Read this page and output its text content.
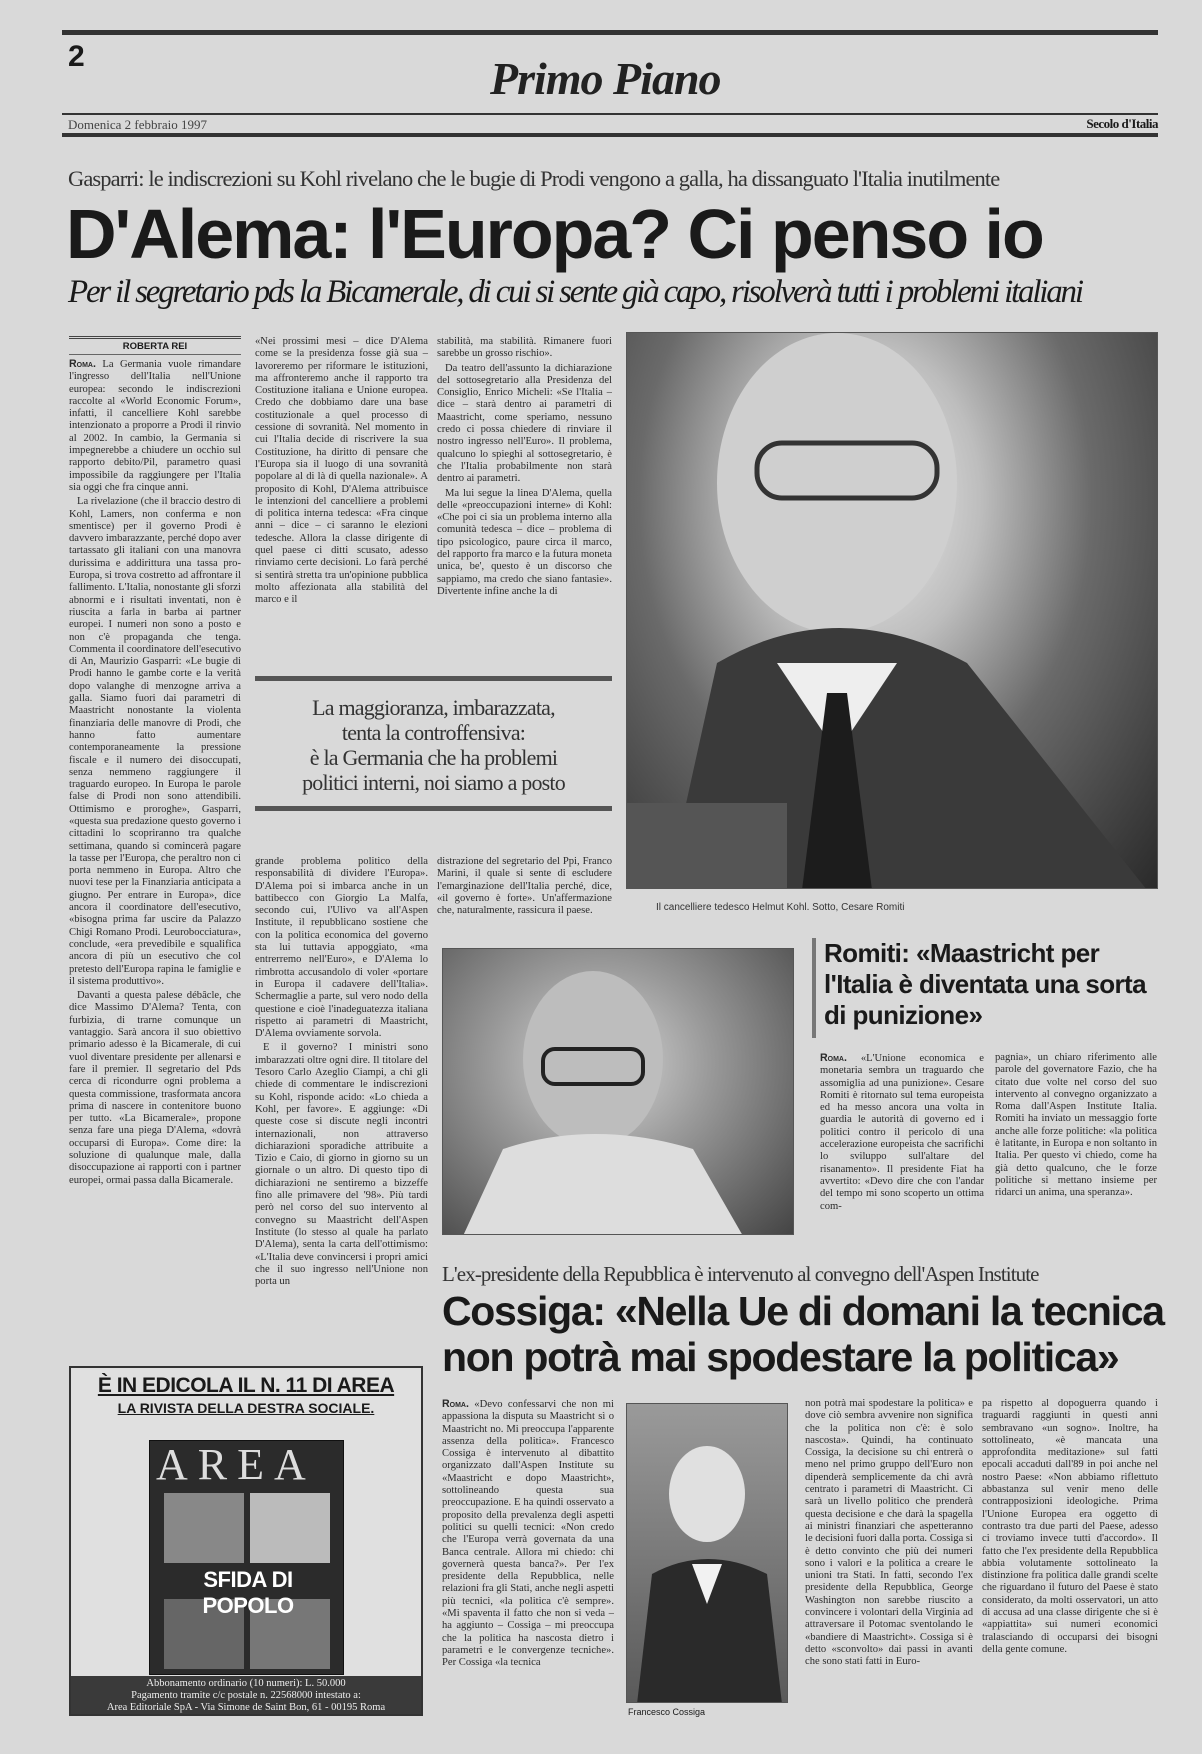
2	Primo Piano
Domenica 2 febbraio 1997	Secolo d'Italia
Gasparri: le indiscrezioni su Kohl rivelano che le bugie di Prodi vengono a galla, ha dissanguato l'Italia inutilmente
D'Alema: l'Europa? Ci penso io
Per il segretario pds la Bicamerale, di cui si sente già capo, risolverà tutti i problemi italiani
ROBERTA REI

Roma. La Germania vuole rimandare l'ingresso dell'Italia nell'Unione europea: secondo le indiscrezioni raccolte al «World Economic Forum», infatti, il cancelliere Kohl sarebbe intenzionato a proporre a Prodi il rinvio al 2002. In cambio, la Germania si impegnerebbe a chiudere un occhio sul rapporto debito/Pil, parametro quasi impossibile da raggiungere per l'Italia sia oggi che fra cinque anni.

La rivelazione (che il braccio destro di Kohl, Lamers, non conferma e non smentisce) per il governo Prodi è davvero imbarazzante, perché dopo aver tartassato gli italiani con una manovra durissima e addirittura una tassa pro-Europa, si trova costretto ad affrontare il fallimento. L'Italia, nonostante gli sforzi abnormi e i risultati inventati, non è riuscita a farla in barba ai partner europei. I numeri non sono a posto e non c'è propaganda che tenga. Commenta il coordinatore dell'esecutivo di An, Maurizio Gasparri: «Le bugie di Prodi hanno le gambe corte e la verità dopo valanghe di menzogne arriva a galla. Siamo fuori dai parametri di Maastricht nonostante la violenta finanziaria delle manovre di Prodi, che hanno fatto aumentare contemporaneamente la pressione fiscale e il numero dei disoccupati, senza nemmeno raggiungere il traguardo europeo. In Europa le parole false di Prodi non sono attendibili. Ottimismo e proroghe», Gasparri, «questa sua predazione questo governo i cittadini lo scopriranno tra qualche settimana, quando si comincerà pagare la tasse per l'Europa, che peraltro non ci porta nemmeno in Europa. Altro che nuovi tese per la Finanziaria anticipata a giugno. Per entrare in Europa», dice ancora il coordinatore dell'esecutivo, «bisogna prima far uscire da Palazzo Chigi Romano Prodi. Leurobocciatura», conclude, «era prevedibile e squalifica ancora di più un esecutivo che col pretesto dell'Europa rapina le famiglie e il sistema produttivo».

Davanti a questa palese débâcle, che dice Massimo D'Alema? Tenta, con furbizia, di trarne comunque un vantaggio. Sarà ancora il suo obiettivo primario adesso è la Bicamerale, di cui vuol diventare presidente per allenarsi e fare il premier. Il segretario del Pds cerca di ricondurre ogni problema a questa commissione, trasformata ancora prima di nascere in contenitore buono per tutto. «La Bicamerale», propone senza fare una piega D'Alema, «dovrà occuparsi di Europa». Come dire: la soluzione di qualunque male, dalla disoccupazione ai rapporti con i partner europei, ormai passa dalla Bicamerale.

«Nei prossimi mesi – dice D'Alema come se la presidenza fosse già sua – lavoreremo per riformare le istituzioni, ma affronteremo anche il rapporto tra Costituzione italiana e Unione europea. Credo che dobbiamo dare una base costituzionale a quel processo di cessione di sovranità. Nel momento in cui l'Italia decide di riscrivere la sua Costituzione, ha diritto di pensare che l'Europa sia il luogo di una sovranità popolare al di là di quella nazionale». A proposito di Kohl, D'Alema attribuisce le intenzioni del cancelliere a problemi di politica interna tedesca: «Fra cinque anni – dice – ci saranno le elezioni tedesche. Allora la classe dirigente di quel paese ci ditti scusato, adesso rinviamo certe decisioni. Lo farà perché si sentirà stretta tra un'opinione pubblica molto affezionata alla stabilità del marco e il

stabilità, ma stabilità. Rimanere fuori sarebbe un grosso rischio».

Da teatro dell'assunto la dichiarazione del sottosegretario alla Presidenza del Consiglio, Enrico Micheli: «Se l'Italia – dice – starà dentro ai parametri di Maastricht, come speriamo, nessuno credo ci possa chiedere di rinviare il nostro ingresso nell'Euro». Il problema, qualcuno lo spieghi al sottosegretario, è che l'Italia probabilmente non starà dentro ai parametri.

Ma lui segue la linea D'Alema, quella delle «preoccupazioni interne» di Kohl: «Che poi ci sia un problema interno alla comunità tedesca – dice – problema di tipo psicologico, paure circa il marco, del rapporto fra marco e la futura moneta unica, be', questo è un discorso che sappiamo, ma credo che siano fantasie». Divertente infine anche la di

La maggioranza, imbarazzata,
tenta la controffensiva:
è la Germania che ha problemi
politici interni, noi siamo a posto

grande problema politico della responsabilità di dividere l'Europa». D'Alema poi si imbarca anche in un battibecco con Giorgio La Malfa, secondo cui, l'Ulivo va all'Aspen Institute, il repubblicano sostiene che con la politica economica del governo sta lui tuttavia appoggiato, «ma entrerremo nell'Euro», e D'Alema lo rimbrotta accusandolo di voler «portare in Europa il cadavere dell'Italia». Schermaglie a parte, sul vero nodo della questione e cioè l'inadeguatezza italiana rispetto ai parametri di Maastricht, D'Alema ovviamente sorvola.

E il governo? I ministri sono imbarazzati oltre ogni dire. Il titolare del Tesoro Carlo Azeglio Ciampi, a chi gli chiede di commentare le indiscrezioni su Kohl, risponde acido: «Lo chieda a Kohl, per favore». E aggiunge: «Di queste cose si discute negli incontri internazionali, non attraverso dichiarazioni sporadiche attribuite a Tizio e Caio, di giorno in giorno su un giornale o un altro. Di questo tipo di dichiarazioni ne sentiremo a bizzeffe fino alle primavere del '98». Più tardi però nel corso del suo intervento al convegno su Maastricht dell'Aspen Institute (lo stesso al quale ha parlato D'Alema), senta la carta dell'ottimismo: «L'Italia deve convincersi i propri amici che il suo ingresso nell'Unione non porta un

distrazione del segretario del Ppi, Franco Marini, il quale si sente di escludere l'emarginazione dell'Italia perché, dice, «il governo è forte». Un'affermazione che, naturalmente, rassicura il paese.	Il cancelliere tedesco Helmut Kohl. Sotto, Cesare Romiti
Romiti: «Maastricht per l'Italia è diventata una sorta di punizione»

Roma. «L'Unione economica e monetaria sembra un traguardo che assomiglia ad una punizione». Cesare Romiti è ritornato sul tema europeista ed ha messo ancora una volta in guardia le autorità di governo ed i politici contro il pericolo di una accelerazione europeista che sacrifichi lo sviluppo sull'altare del risanamento». Il presidente Fiat ha avvertito: «Devo dire che con l'andar del tempo mi sono scoperto un ottima com-

pagnia», un chiaro riferimento alle parole del governatore Fazio, che ha citato due volte nel corso del suo intervento al convegno organizzato a Roma dall'Aspen Institute Italia. Romiti ha inviato un messaggio forte anche alle forze politiche: «la politica è latitante, in Europa e non soltanto in Italia. Per questo vi chiedo, come ha già detto qualcuno, che le forze politiche si mettano insieme per ridarci un anima, una speranza».

L'ex-presidente della Repubblica è intervenuto al convegno dell'Aspen Institute
Cossiga: «Nella Ue di domani la tecnica
non potrà mai spodestare la politica»

Roma. «Devo confessarvi che non mi appassiona la disputa su Maastricht sì o Maastricht no. Mi preoccupa l'apparente assenza della politica». Francesco Cossiga è intervenuto al dibattito organizzato dall'Aspen Institute su «Maastricht e dopo Maastricht», sottolineando questa sua preoccupazione. E ha quindi osservato a proposito della prevalenza degli aspetti politici su quelli tecnici: «Non credo che l'Europa verrà governata da una Banca centrale. Allora mi chiedo: chi governerà questa banca?». Per l'ex presidente della Repubblica, nelle relazioni fra gli Stati, anche negli aspetti più tecnici, «la politica c'è sempre». «Mi spaventa il fatto che non si veda – ha aggiunto – Cossiga – mi preoccupa che la politica ha nascosta dietro i parametri e le convergenze tecniche». Per Cossiga «la tecnica

Francesco Cossiga

non potrà mai spodestare la politica» e dove ciò sembra avvenire non significa che la politica non c'è: è solo nascosta». Quindi, ha continuato Cossiga, la decisione su chi entrerà o meno nel primo gruppo dell'Euro non dipenderà semplicemente da chi avrà centrato i parametri di Maastricht. Ci sarà un livello politico che prenderà questa decisione e che darà la spagella ai ministri finanziari che aspetteranno le decisioni fuori dalla porta. Cossiga si è detto convinto che più dei numeri sono i valori e la politica a creare le unioni tra Stati. In fatti, secondo l'ex presidente della Repubblica, George Washington non sarebbe riuscito a convincere i volontari della Virginia ad attraversare il Potomac sventolando le «bandiere di Maastricht». Cossiga si è detto «sconvolto» dai passi in avanti che sono stati fatti in Euro-

pa rispetto al dopoguerra quando i traguardi raggiunti in questi anni sembravano «un sogno». Inoltre, ha sottolineato, «è mancata una approfondita meditazione» sul fatti epocali accaduti dall'89 in poi anche nel nostro Paese: «Non abbiamo riflettuto abbastanza sul venir meno delle contrapposizioni ideologiche. Prima l'Unione Europea era oggetto di contrasto tra due parti del Paese, adesso ci troviamo invece tutti d'accordo». Il fatto che l'ex presidente della Repubblica abbia volutamente sottolineato la distinzione fra politica dalle grandi scelte che riguardano il futuro del Paese è stato considerato, da molti osservatori, un atto di accusa ad una classe dirigente che si è «appiattita» sui numeri economici tralasciando di occuparsi dei bisogni della gente comune.

È IN EDICOLA IL N. 11 DI AREA
LA RIVISTA DELLA DESTRA SOCIALE.
AREA
SFIDA DI POPOLO
Abbonamento ordinario (10 numeri): L. 50.000
Pagamento tramite c/c postale n. 22568000 intestato a:
Area Editoriale SpA - Via Simone de Saint Bon, 61 - 00195 Roma
